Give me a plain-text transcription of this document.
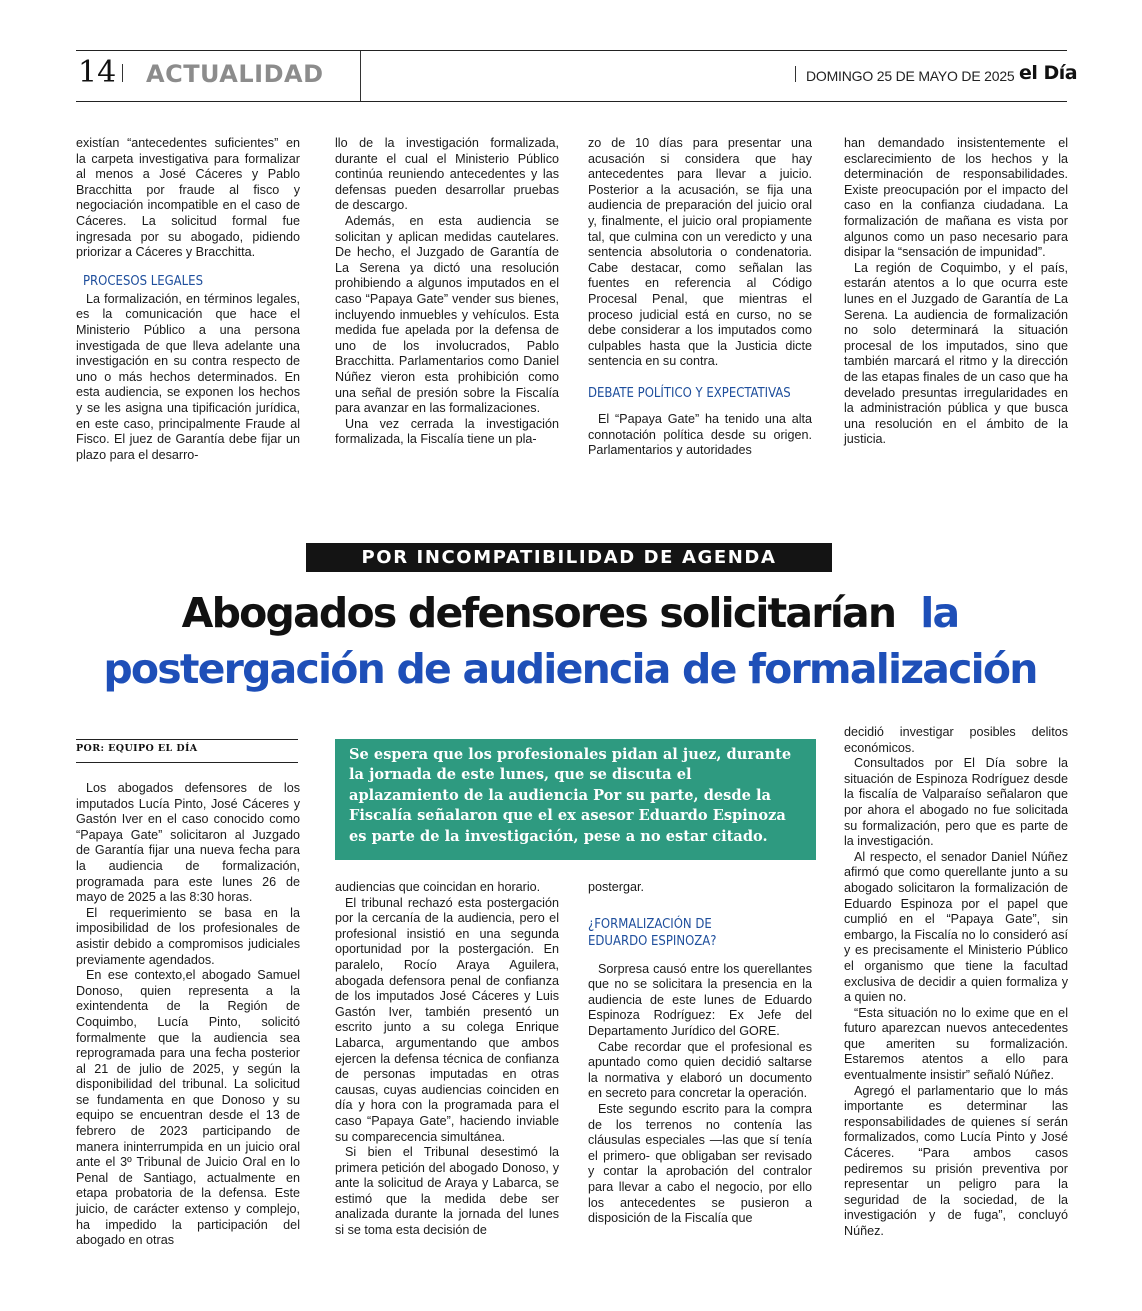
14 ACTUALIDAD	DOMINGO 25 DE MAYO DE 2025 el Día

existían “antecedentes suficientes” en la carpeta investigativa para formalizar al menos a José Cáceres y Pablo Bracchitta por fraude al fisco y negociación incompatible en el caso de Cáceres. La solicitud formal fue ingresada por su abogado, pidiendo priorizar a Cáceres y Bracchitta.

PROCESOS LEGALES

La formalización, en términos legales, es la comunicación que hace el Ministerio Público a una persona investigada de que lleva adelante una investigación en su contra respecto de uno o más hechos determinados. En esta audiencia, se exponen los hechos y se les asigna una tipificación jurídica, en este caso, principalmente Fraude al Fisco. El juez de Garantía debe fijar un plazo para el desarro-

llo de la investigación formalizada, durante el cual el Ministerio Público continúa reuniendo antecedentes y las defensas pueden desarrollar pruebas de descargo.

Además, en esta audiencia se solicitan y aplican medidas cautelares. De hecho, el Juzgado de Garantía de La Serena ya dictó una resolución prohibiendo a algunos imputados en el caso “Papaya Gate” vender sus bienes, incluyendo inmuebles y vehículos. Esta medida fue apelada por la defensa de uno de los involucrados, Pablo Bracchitta. Parlamentarios como Daniel Núñez vieron esta prohibición como una señal de presión sobre la Fiscalía para avanzar en las formalizaciones.

Una vez cerrada la investigación formalizada, la Fiscalía tiene un pla-

zo de 10 días para presentar una acusación si considera que hay antecedentes para llevar a juicio. Posterior a la acusación, se fija una audiencia de preparación del juicio oral y, finalmente, el juicio oral propiamente tal, que culmina con un veredicto y una sentencia absolutoria o condenatoria. Cabe destacar, como señalan las fuentes en referencia al Código Procesal Penal, que mientras el proceso judicial está en curso, no se debe considerar a los imputados como culpables hasta que la Justicia dicte sentencia en su contra.

DEBATE POLÍTICO Y EXPECTATIVAS

El “Papaya Gate” ha tenido una alta connotación política desde su origen. Parlamentarios y autoridades

han demandado insistentemente el esclarecimiento de los hechos y la determinación de responsabilidades. Existe preocupación por el impacto del caso en la confianza ciudadana. La formalización de mañana es vista por algunos como un paso necesario para disipar la “sensación de impunidad”.

La región de Coquimbo, y el país, estarán atentos a lo que ocurra este lunes en el Juzgado de Garantía de La Serena. La audiencia de formalización no solo determinará la situación procesal de los imputados, sino que también marcará el ritmo y la dirección de las etapas finales de un caso que ha develado presuntas irregularidades en la administración pública y que busca una resolución en el ámbito de la justicia.

POR INCOMPATIBILIDAD DE AGENDA
Abogados defensores solicitarían la
postergación de audiencia de formalización
POR: EQUIPO EL DÍA	Se espera que los profesionales pidan al juez, durante la jornada de este lunes, que se discuta el aplazamiento de la audiencia Por su parte, desde la Fiscalía señalaron que el ex asesor Eduardo Espinoza es parte de la investigación, pese a no estar citado.

Los abogados defensores de los imputados Lucía Pinto, José Cáceres y Gastón Iver en el caso conocido como “Papaya Gate” solicitaron al Juzgado de Garantía fijar una nueva fecha para la audiencia de formalización, programada para este lunes 26 de mayo de 2025 a las 8:30 horas.

El requerimiento se basa en la imposibilidad de los profesionales de asistir debido a compromisos judiciales previamente agendados.

En ese contexto,el abogado Samuel Donoso, quien representa a la exintendenta de la Región de Coquimbo, Lucía Pinto, solicitó formalmente que la audiencia sea reprogramada para una fecha posterior al 21 de julio de 2025, y según la disponibilidad del tribunal. La solicitud se fundamenta en que Donoso y su equipo se encuentran desde el 13 de febrero de 2023 participando de manera ininterrumpida en un juicio oral ante el 3º Tribunal de Juicio Oral en lo Penal de Santiago, actualmente en etapa probatoria de la defensa. Este juicio, de carácter extenso y complejo, ha impedido la participación del abogado en otras

audiencias que coincidan en horario.

El tribunal rechazó esta postergación por la cercanía de la audiencia, pero el profesional insistió en una segunda oportunidad por la postergación. En paralelo, Rocío Araya Aguilera, abogada defensora penal de confianza de los imputados José Cáceres y Luis Gastón Iver, también presentó un escrito junto a su colega Enrique Labarca, argumentando que ambos ejercen la defensa técnica de confianza de personas imputadas en otras causas, cuyas audiencias coinciden en día y hora con la programada para el caso “Papaya Gate”, haciendo inviable su comparecencia simultánea.

Si bien el Tribunal desestimó la primera petición del abogado Donoso, y ante la solicitud de Araya y Labarca, se estimó que la medida debe ser analizada durante la jornada del lunes si se toma esta decisión de

postergar.

¿FORMALIZACIÓN DE
EDUARDO ESPINOZA?

Sorpresa causó entre los querellantes que no se solicitara la presencia en la audiencia de este lunes de Eduardo Espinoza Rodríguez: Ex Jefe del Departamento Jurídico del GORE.

Cabe recordar que el profesional es apuntado como quien decidió saltarse la normativa y elaboró un documento en secreto para concretar la operación.

Este segundo escrito para la compra de los terrenos no contenía las cláusulas especiales —las que sí tenía el primero- que obligaban ser revisado y contar la aprobación del contralor para llevar a cabo el negocio, por ello los antecedentes se pusieron a disposición de la Fiscalía que

decidió investigar posibles delitos económicos.

Consultados por El Día sobre la situación de Espinoza Rodríguez desde la fiscalía de Valparaíso señalaron que por ahora el abogado no fue solicitada su formalización, pero que es parte de la investigación.

Al respecto, el senador Daniel Núñez afirmó que como querellante junto a su abogado solicitaron la formalización de Eduardo Espinoza por el papel que cumplió en el “Papaya Gate”, sin embargo, la Fiscalía no lo consideró así y es precisamente el Ministerio Público el organismo que tiene la facultad exclusiva de decidir a quien formaliza y a quien no.

“Esta situación no lo exime que en el futuro aparezcan nuevos antecedentes que ameriten su formalización. Estaremos atentos a ello para eventualmente insistir” señaló Núñez.

Agregó el parlamentario que lo más importante es determinar las responsabilidades de quienes sí serán formalizados, como Lucía Pinto y José Cáceres. “Para ambos casos pediremos su prisión preventiva por representar un peligro para la seguridad de la sociedad, de la investigación y de fuga”, concluyó Núñez.
